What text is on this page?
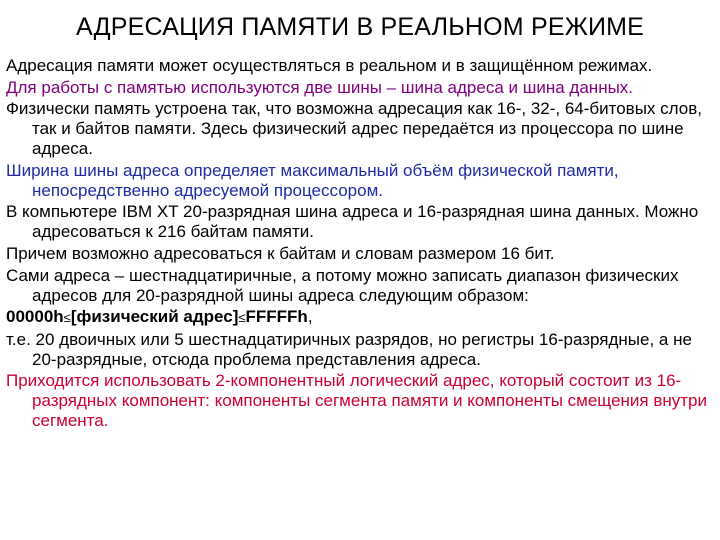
АДРЕСАЦИЯ ПАМЯТИ В РЕАЛЬНОМ РЕЖИМЕ

Адресация памяти может осуществляться в реальном и в защищённом режимах.

Для работы с памятью используются две шины – шина адреса и шина данных.

Физически память устроена так, что возможна адресация как 16-, 32-, 64-битовых слов, так и байтов памяти. Здесь физический адрес передаётся из процессора по шине адреса.

Ширина шины адреса определяет максимальный объём физической памяти, непосредственно адресуемой процессором.

В компьютере IBM XT 20-разрядная шина адреса и 16-разрядная шина данных. Можно адресоваться к 216 байтам памяти.

Причем возможно адресоваться к байтам и словам размером 16 бит.

Сами адреса – шестнадцатиричные, а потому можно записать диапазон физических адресов для 20-разрядной шины адреса следующим образом:

00000h≤[физический адрес]≤FFFFFh,

т.е. 20 двоичных или 5 шестнадцатиричных разрядов, но регистры 16-разрядные, а не 20-разрядные, отсюда проблема представления адреса.

Приходится использовать 2-компонентный логический адрес, который состоит из 16-разрядных компонент: компоненты сегмента памяти и компоненты смещения внутри сегмента.
